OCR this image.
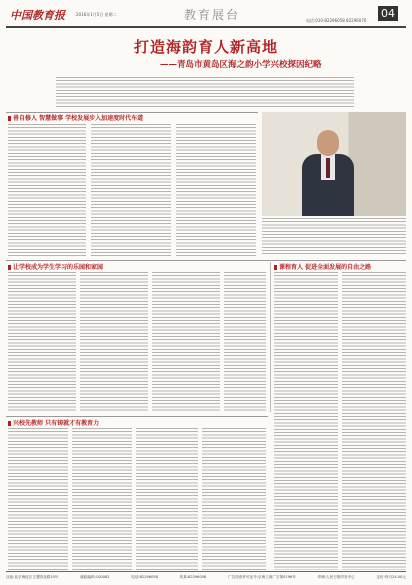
中国教育报	2016年1月5日 星期二	教育展台	电话:010-82296058 82296070
04
打造海韵育人新高地
——青岛市黄岛区海之韵小学兴校探因纪略
善自修人 智慧做事 学校发展步入加速度时代车道
让学校成为学生学习的乐园和家园	课程育人 促进全面发展的自由之路
兴校先教师 只有铸就才有教育力
社址:北京海淀区文慧园北路10号	邮政编码:100082	电话:82296058	传真:82296058	广告经营许可证号:京海工商广字第0196号	印刷:人民日报印务中心	定价:每月24.00元
